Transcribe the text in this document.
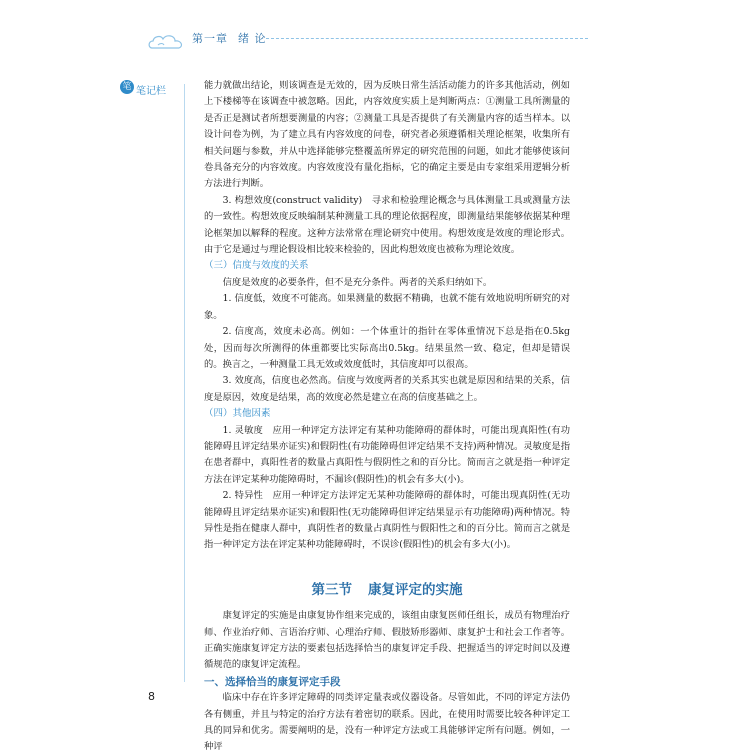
第一章 绪 论
笔 笔记栏

能力就做出结论，则该调查是无效的，因为反映日常生活活动能力的许多其他活动，例如上下楼梯等在该调查中被忽略。因此，内容效度实质上是判断两点：①测量工具所测量的是否正是测试者所想要测量的内容；②测量工具是否提供了有关测量内容的适当样本。以设计问卷为例，为了建立具有内容效度的问卷，研究者必须遵循相关理论框架，收集所有相关问题与参数，并从中选择能够完整覆盖所界定的研究范围的问题，如此才能够使该问卷具备充分的内容效度。内容效度没有量化指标，它的确定主要是由专家组采用逻辑分析方法进行判断。

3. 构想效度(construct validity)　寻求和检验理论概念与具体测量工具或测量方法的一致性。构想效度反映编制某种测量工具的理论依据程度，即测量结果能够依据某种理论框架加以解释的程度。这种方法常常在理论研究中使用。构想效度是效度的理论形式。由于它是通过与理论假设相比较来检验的，因此构想效度也被称为理论效度。

（三）信度与效度的关系

信度是效度的必要条件，但不是充分条件。两者的关系归纳如下。

1. 信度低，效度不可能高。如果测量的数据不精确，也就不能有效地说明所研究的对象。

2. 信度高，效度未必高。例如：一个体重计的指针在零体重情况下总是指在0.5kg处，因而每次所测得的体重都要比实际高出0.5kg。结果虽然一致、稳定，但却是错误的。换言之，一种测量工具无效或效度低时，其信度却可以很高。

3. 效度高，信度也必然高。信度与效度两者的关系其实也就是原因和结果的关系，信度是原因，效度是结果，高的效度必然是建立在高的信度基础之上。

（四）其他因素

1. 灵敏度　应用一种评定方法评定有某种功能障碍的群体时，可能出现真阳性(有功能障碍且评定结果亦证实)和假阴性(有功能障碍但评定结果不支持)两种情况。灵敏度是指在患者群中，真阳性者的数量占真阳性与假阴性之和的百分比。简而言之就是指一种评定方法在评定某种功能障碍时，不漏诊(假阴性)的机会有多大(小)。

2. 特异性　应用一种评定方法评定无某种功能障碍的群体时，可能出现真阴性(无功能障碍且评定结果亦证实)和假阳性(无功能障碍但评定结果显示有功能障碍)两种情况。特异性是指在健康人群中，真阴性者的数量占真阴性与假阳性之和的百分比。简而言之就是指一种评定方法在评定某种功能障碍时，不误诊(假阳性)的机会有多大(小)。

第三节 康复评定的实施

康复评定的实施是由康复协作组来完成的，该组由康复医师任组长，成员有物理治疗师、作业治疗师、言语治疗师、心理治疗师、假肢矫形器师、康复护士和社会工作者等。正确实施康复评定方法的要素包括选择恰当的康复评定手段、把握适当的评定时间以及遵循规范的康复评定流程。

一、选择恰当的康复评定手段

临床中存在许多评定障碍的同类评定量表或仪器设备。尽管如此，不同的评定方法仍各有侧重，并且与特定的治疗方法有着密切的联系。因此，在使用时需要比较各种评定工具的同异和优劣。需要阐明的是，没有一种评定方法或工具能够评定所有问题。例如，一种评

8
